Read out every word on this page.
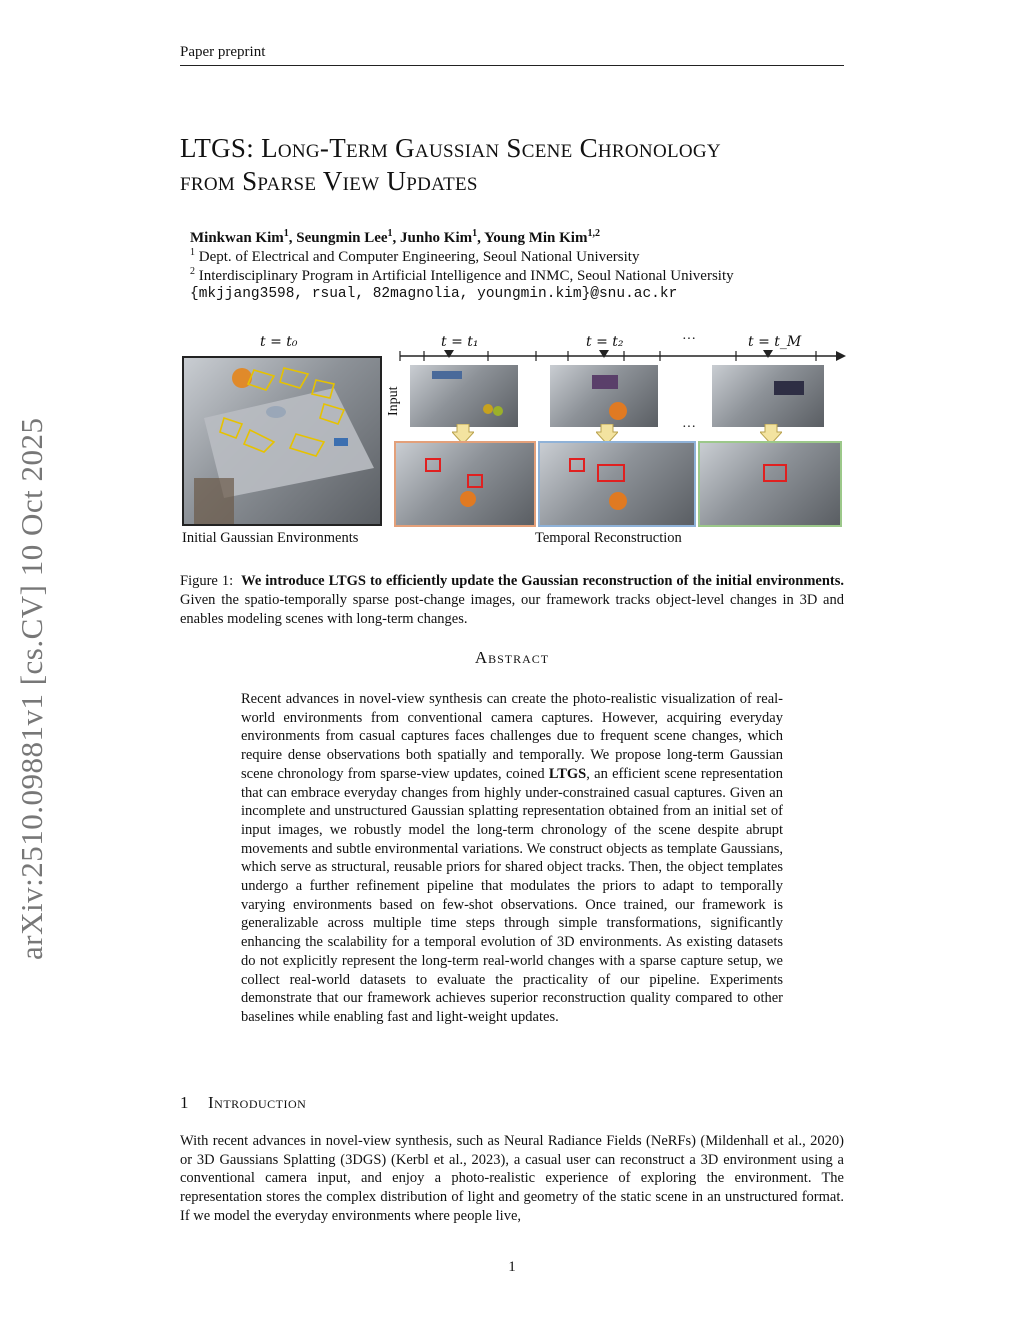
Paper preprint
arXiv:2510.09881v1 [cs.CV] 10 Oct 2025
LTGS: Long-Term Gaussian Scene Chronology
from Sparse View Updates
Minkwan Kim$^1$, Seungmin Lee$^1$, Junho Kim$^1$, Young Min Kim$^{1,2}$
$^1$ Dept. of Electrical and Computer Engineering, Seoul National University
$^2$ Interdisciplinary Program in Artificial Intelligence and INMC, Seoul National University
{mkjjang3598, rsual, 82magnolia, youngmin.kim}@snu.ac.kr
t = t₀	t = t₁	t = t₂	···	t = t_M
Initial Gaussian Environments
Input
···
Temporal Reconstruction
Figure 1: We introduce LTGS to efficiently update the Gaussian reconstruction of the initial environments. Given the spatio-temporally sparse post-change images, our framework tracks object-level changes in 3D and enables modeling scenes with long-term changes.
Abstract
Recent advances in novel-view synthesis can create the photo-realistic visualization of real-world environments from conventional camera captures. However, acquiring everyday environments from casual captures faces challenges due to frequent scene changes, which require dense observations both spatially and temporally. We propose long-term Gaussian scene chronology from sparse-view updates, coined LTGS, an efficient scene representation that can embrace everyday changes from highly under-constrained casual captures. Given an incomplete and unstructured Gaussian splatting representation obtained from an initial set of input images, we robustly model the long-term chronology of the scene despite abrupt movements and subtle environmental variations. We construct objects as template Gaussians, which serve as structural, reusable priors for shared object tracks. Then, the object templates undergo a further refinement pipeline that modulates the priors to adapt to temporally varying environments based on few-shot observations. Once trained, our framework is generalizable across multiple time steps through simple transformations, significantly enhancing the scalability for a temporal evolution of 3D environments. As existing datasets do not explicitly represent the long-term real-world changes with a sparse capture setup, we collect real-world datasets to evaluate the practicality of our pipeline. Experiments demonstrate that our framework achieves superior reconstruction quality compared to other baselines while enabling fast and light-weight updates.
1 Introduction
With recent advances in novel-view synthesis, such as Neural Radiance Fields (NeRFs) (Mildenhall et al., 2020) or 3D Gaussians Splatting (3DGS) (Kerbl et al., 2023), a casual user can reconstruct a 3D environment using a conventional camera input, and enjoy a photo-realistic experience of exploring the environment. The representation stores the complex distribution of light and geometry of the static scene in an unstructured format. If we model the everyday environments where people live,
1
